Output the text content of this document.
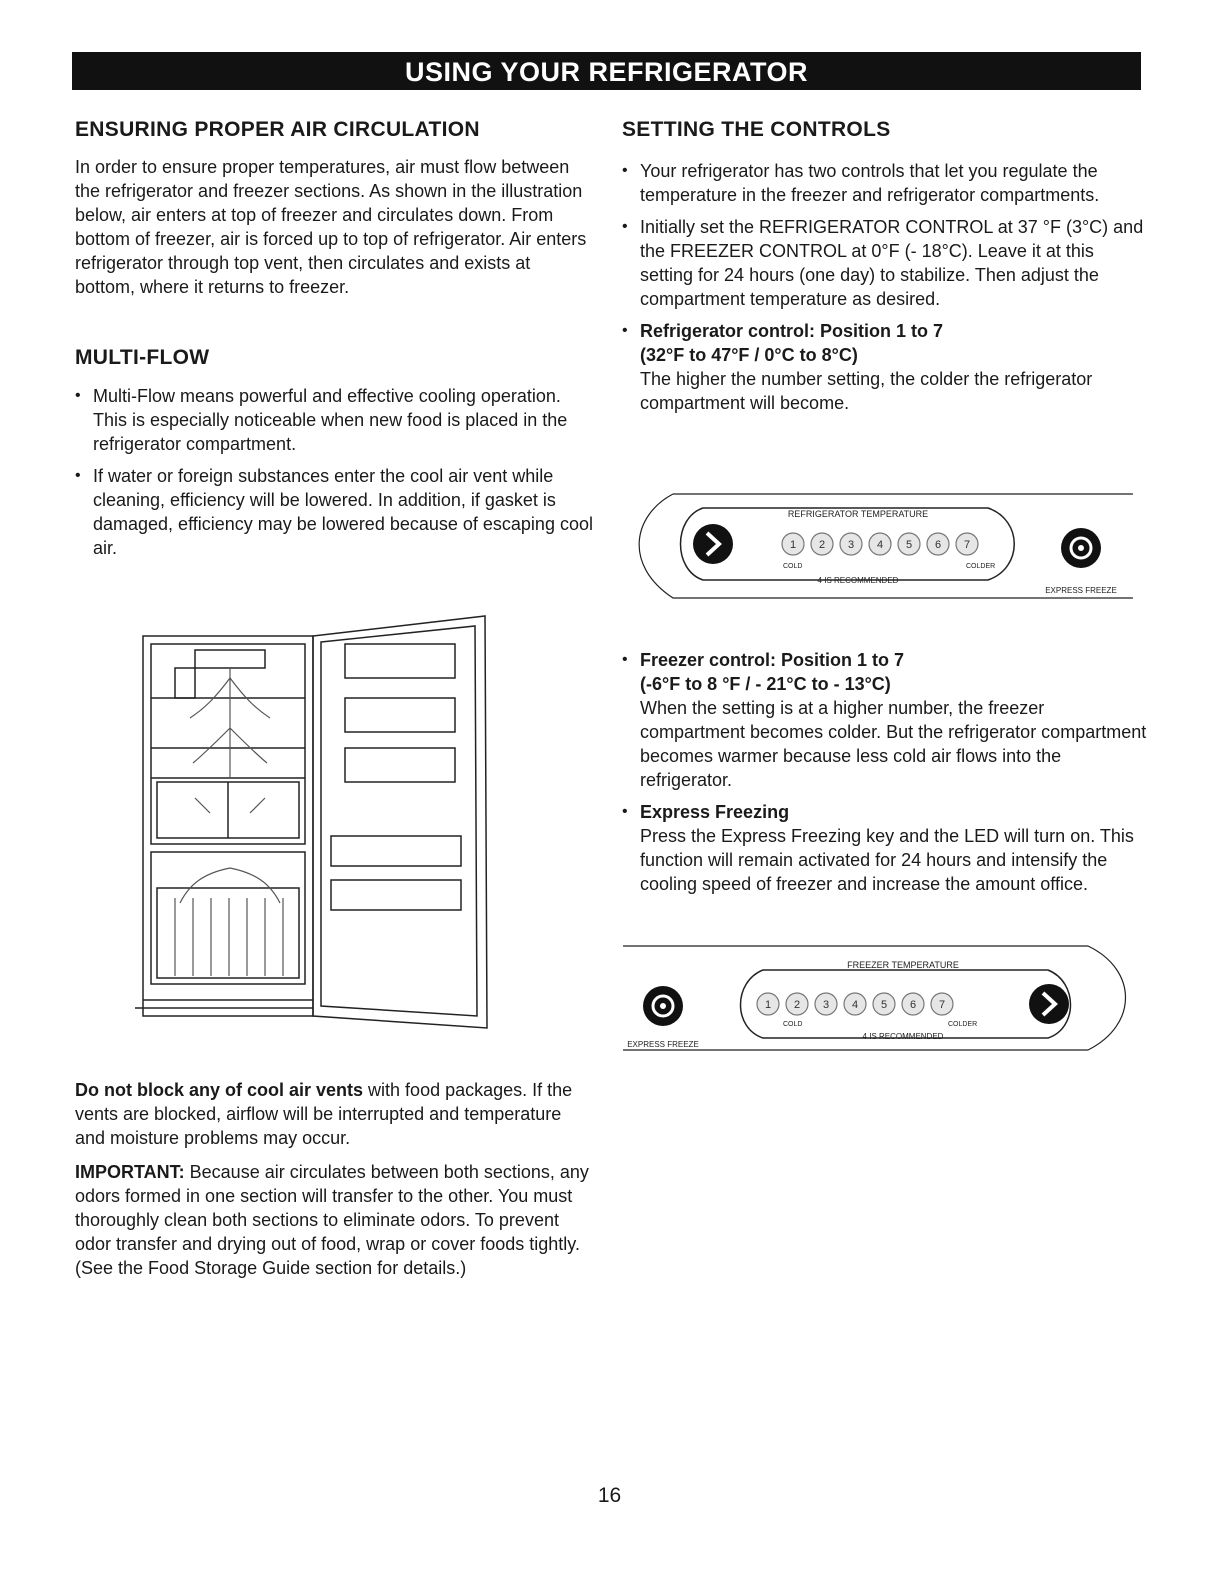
USING YOUR REFRIGERATOR
ENSURING PROPER AIR CIRCULATION

In order to ensure proper temperatures, air must flow between the refrigerator and freezer sections. As shown in the illustration below, air enters at top of freezer and circulates down. From bottom of freezer, air is forced up to top of refrigerator. Air enters refrigerator through top vent, then circulates and exists at bottom, where it returns to freezer.

MULTI-FLOW
• Multi-Flow means powerful and effective cooling operation. This is especially noticeable when new food is placed in the refrigerator compartment.
• If water or foreign substances enter the cool air vent while cleaning, efficiency will be lowered. In addition, if gasket is damaged, efficiency may be lowered because of escaping cool air.

Do not block any of cool air vents with food packages. If the vents are blocked, airflow will be interrupted and temperature and moisture problems may occur.

IMPORTANT: Because air circulates between both sections, any odors formed in one section will transfer to the other. You must thoroughly clean both sections to eliminate odors. To prevent odor transfer and drying out of food, wrap or cover foods tightly. (See the Food Storage Guide section for details.)

SETTING THE CONTROLS
• Your refrigerator has two controls that let you regulate the temperature in the freezer and refrigerator compartments.
• Initially set the REFRIGERATOR CONTROL at 37 °F (3°C) and the FREEZER CONTROL at 0°F (- 18°C). Leave it at this setting for 24 hours (one day) to stabilize. Then adjust the compartment temperature as desired.
• Refrigerator control: Position 1 to 7
(32°F to 47°F / 0°C to 8°C)
The higher the number setting, the colder the refrigerator compartment will become.
REFRIGERATOR TEMPERATURE
1 2 3 4 5 6 7
COLD	COLDER
4 IS RECOMMENDED
EXPRESS FREEZE
• Freezer control: Position 1 to 7
(-6°F to 8 °F / - 21°C to - 13°C)
When the setting is at a higher number, the freezer compartment becomes colder. But the refrigerator compartment becomes warmer because less cold air flows into the refrigerator.
• Express Freezing
Press the Express Freezing key and the LED will turn on. This function will remain activated for 24 hours and intensify the cooling speed of freezer and increase the amount office.
FREEZER TEMPERATURE
EXPRESS FREEZE
1 2 3 4 5 6 7
COLD	COLDER
4 IS RECOMMENDED
16
